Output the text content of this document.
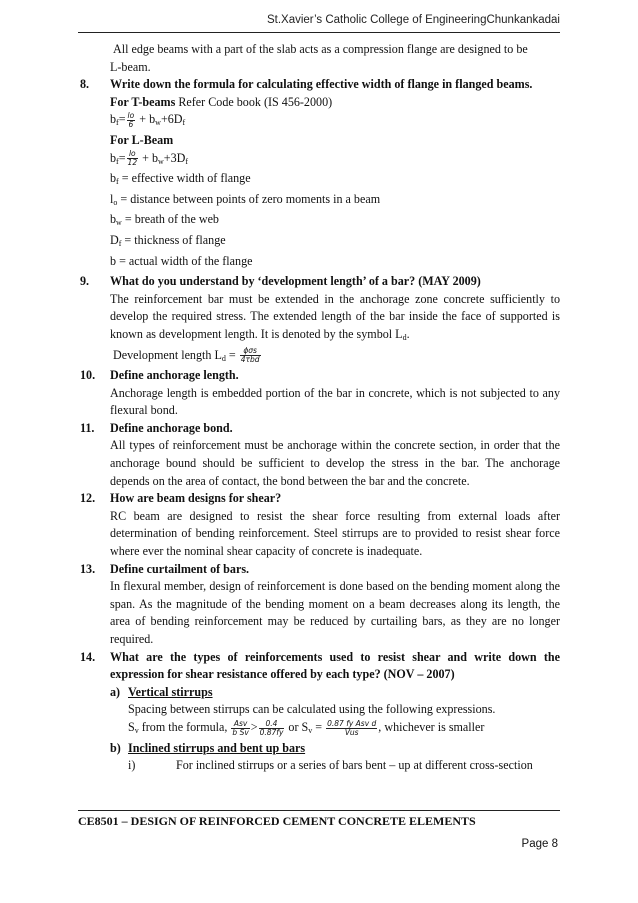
St.Xavier’s Catholic College of EngineeringChunkankadai

All edge beams with a part of the slab acts as a compression flange are designed to be
L-beam.

8. Write down the formula for calculating effective width of flange in flanged beams.

For T-beams Refer Code book (IS 456-2000)

$bf= \frac{lo}{6} + bw+6Df$

For L-Beam

$bf= \frac{lo}{12} + bw+3Df$

bf = effective width of flange

lo = distance between points of zero moments in a beam

bw = breath of the web

Df = thickness of flange

b = actual width of the flange

9. What do you understand by ‘development length’ of a bar? (MAY 2009)

The reinforcement bar must be extended in the anchorage zone concrete sufficiently to develop the required stress. The extended length of the bar inside the face of supported is known as development length. It is denoted by the symbol Ld.

Development length $Ld = \frac{\text{ϕσs}}{\text{4τbd}}$

10. Define anchorage length.

Anchorage length is embedded portion of the bar in concrete, which is not subjected to any flexural bond.

11. Define anchorage bond.

All types of reinforcement must be anchorage within the concrete section, in order that the anchorage bound should be sufficient to develop the stress in the bar. The anchorage depends on the area of contact, the bond between the bar and the concrete.

12. How are beam designs for shear?

RC beam are designed to resist the shear force resulting from external loads after determination of bending reinforcement. Steel stirrups are to provided to resist shear force where ever the nominal shear capacity of concrete is inadequate.

13. Define curtailment of bars.

In flexural member, design of reinforcement is done based on the bending moment along the span. As the magnitude of the bending moment on a beam decreases along its length, the area of bending reinforcement may be reduced by curtailing bars, as they are no longer required.

14. What are the types of reinforcements used to resist shear and write down the expression for shear resistance offered by each type? (NOV – 2007)

a) Vertical stirrups

Spacing between stirrups can be calculated using the following expressions.

Sv from the formula, $\frac{\text{Asv}}{\text{b Sv}} > \frac{0.4}{0.87fy}$ or $Sv = \frac{\text{0.87 fy Asv d}}{\text{Vus}}$ , whichever is smaller

b) Inclined stirrups and bent up bars

i)	For inclined stirrups or a series of bars bent – up at different cross-section

CE8501 – DESIGN OF REINFORCED CEMENT CONCRETE ELEMENTS
Page 8
